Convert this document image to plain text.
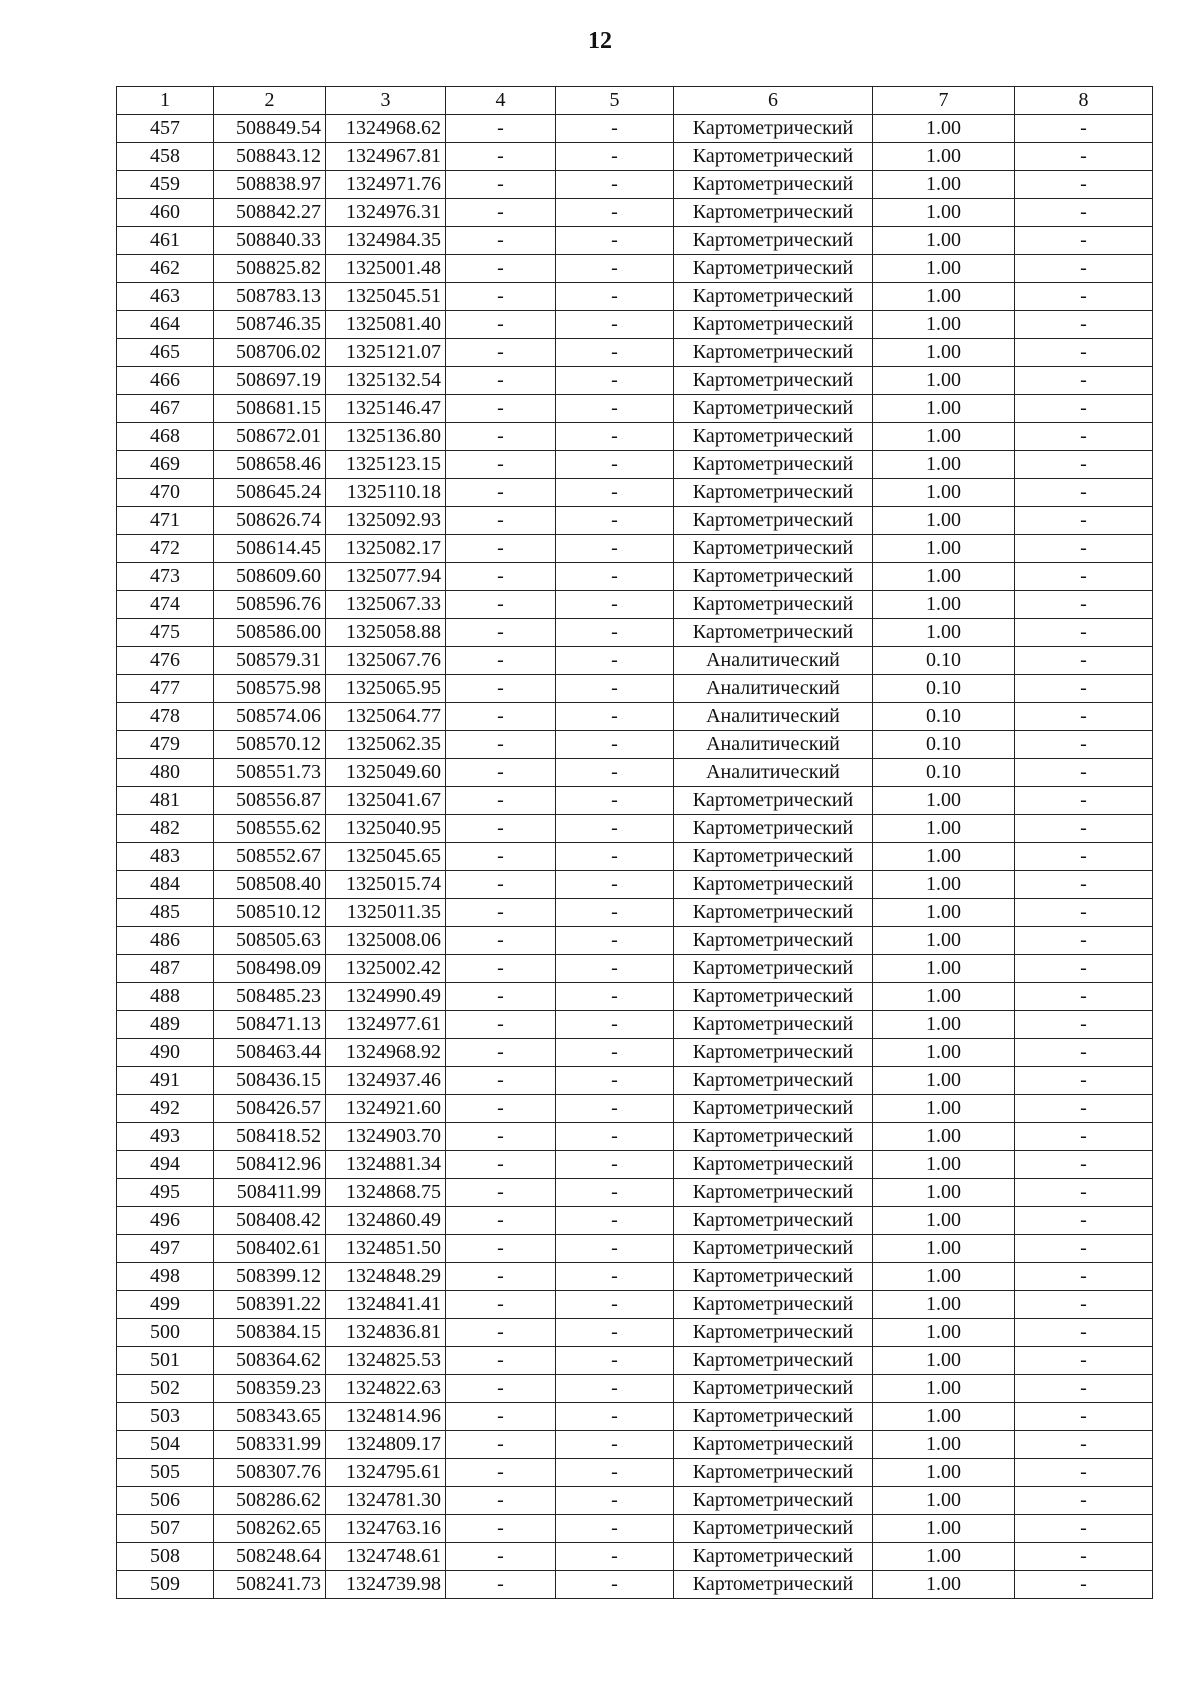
12
1	2	3	4	5	6	7	8
457	508849.54	1324968.62	-	-	Картометрический	1.00	-
458	508843.12	1324967.81	-	-	Картометрический	1.00	-
459	508838.97	1324971.76	-	-	Картометрический	1.00	-
460	508842.27	1324976.31	-	-	Картометрический	1.00	-
461	508840.33	1324984.35	-	-	Картометрический	1.00	-
462	508825.82	1325001.48	-	-	Картометрический	1.00	-
463	508783.13	1325045.51	-	-	Картометрический	1.00	-
464	508746.35	1325081.40	-	-	Картометрический	1.00	-
465	508706.02	1325121.07	-	-	Картометрический	1.00	-
466	508697.19	1325132.54	-	-	Картометрический	1.00	-
467	508681.15	1325146.47	-	-	Картометрический	1.00	-
468	508672.01	1325136.80	-	-	Картометрический	1.00	-
469	508658.46	1325123.15	-	-	Картометрический	1.00	-
470	508645.24	1325110.18	-	-	Картометрический	1.00	-
471	508626.74	1325092.93	-	-	Картометрический	1.00	-
472	508614.45	1325082.17	-	-	Картометрический	1.00	-
473	508609.60	1325077.94	-	-	Картометрический	1.00	-
474	508596.76	1325067.33	-	-	Картометрический	1.00	-
475	508586.00	1325058.88	-	-	Картометрический	1.00	-
476	508579.31	1325067.76	-	-	Аналитический	0.10	-
477	508575.98	1325065.95	-	-	Аналитический	0.10	-
478	508574.06	1325064.77	-	-	Аналитический	0.10	-
479	508570.12	1325062.35	-	-	Аналитический	0.10	-
480	508551.73	1325049.60	-	-	Аналитический	0.10	-
481	508556.87	1325041.67	-	-	Картометрический	1.00	-
482	508555.62	1325040.95	-	-	Картометрический	1.00	-
483	508552.67	1325045.65	-	-	Картометрический	1.00	-
484	508508.40	1325015.74	-	-	Картометрический	1.00	-
485	508510.12	1325011.35	-	-	Картометрический	1.00	-
486	508505.63	1325008.06	-	-	Картометрический	1.00	-
487	508498.09	1325002.42	-	-	Картометрический	1.00	-
488	508485.23	1324990.49	-	-	Картометрический	1.00	-
489	508471.13	1324977.61	-	-	Картометрический	1.00	-
490	508463.44	1324968.92	-	-	Картометрический	1.00	-
491	508436.15	1324937.46	-	-	Картометрический	1.00	-
492	508426.57	1324921.60	-	-	Картометрический	1.00	-
493	508418.52	1324903.70	-	-	Картометрический	1.00	-
494	508412.96	1324881.34	-	-	Картометрический	1.00	-
495	508411.99	1324868.75	-	-	Картометрический	1.00	-
496	508408.42	1324860.49	-	-	Картометрический	1.00	-
497	508402.61	1324851.50	-	-	Картометрический	1.00	-
498	508399.12	1324848.29	-	-	Картометрический	1.00	-
499	508391.22	1324841.41	-	-	Картометрический	1.00	-
500	508384.15	1324836.81	-	-	Картометрический	1.00	-
501	508364.62	1324825.53	-	-	Картометрический	1.00	-
502	508359.23	1324822.63	-	-	Картометрический	1.00	-
503	508343.65	1324814.96	-	-	Картометрический	1.00	-
504	508331.99	1324809.17	-	-	Картометрический	1.00	-
505	508307.76	1324795.61	-	-	Картометрический	1.00	-
506	508286.62	1324781.30	-	-	Картометрический	1.00	-
507	508262.65	1324763.16	-	-	Картометрический	1.00	-
508	508248.64	1324748.61	-	-	Картометрический	1.00	-
509	508241.73	1324739.98	-	-	Картометрический	1.00	-
